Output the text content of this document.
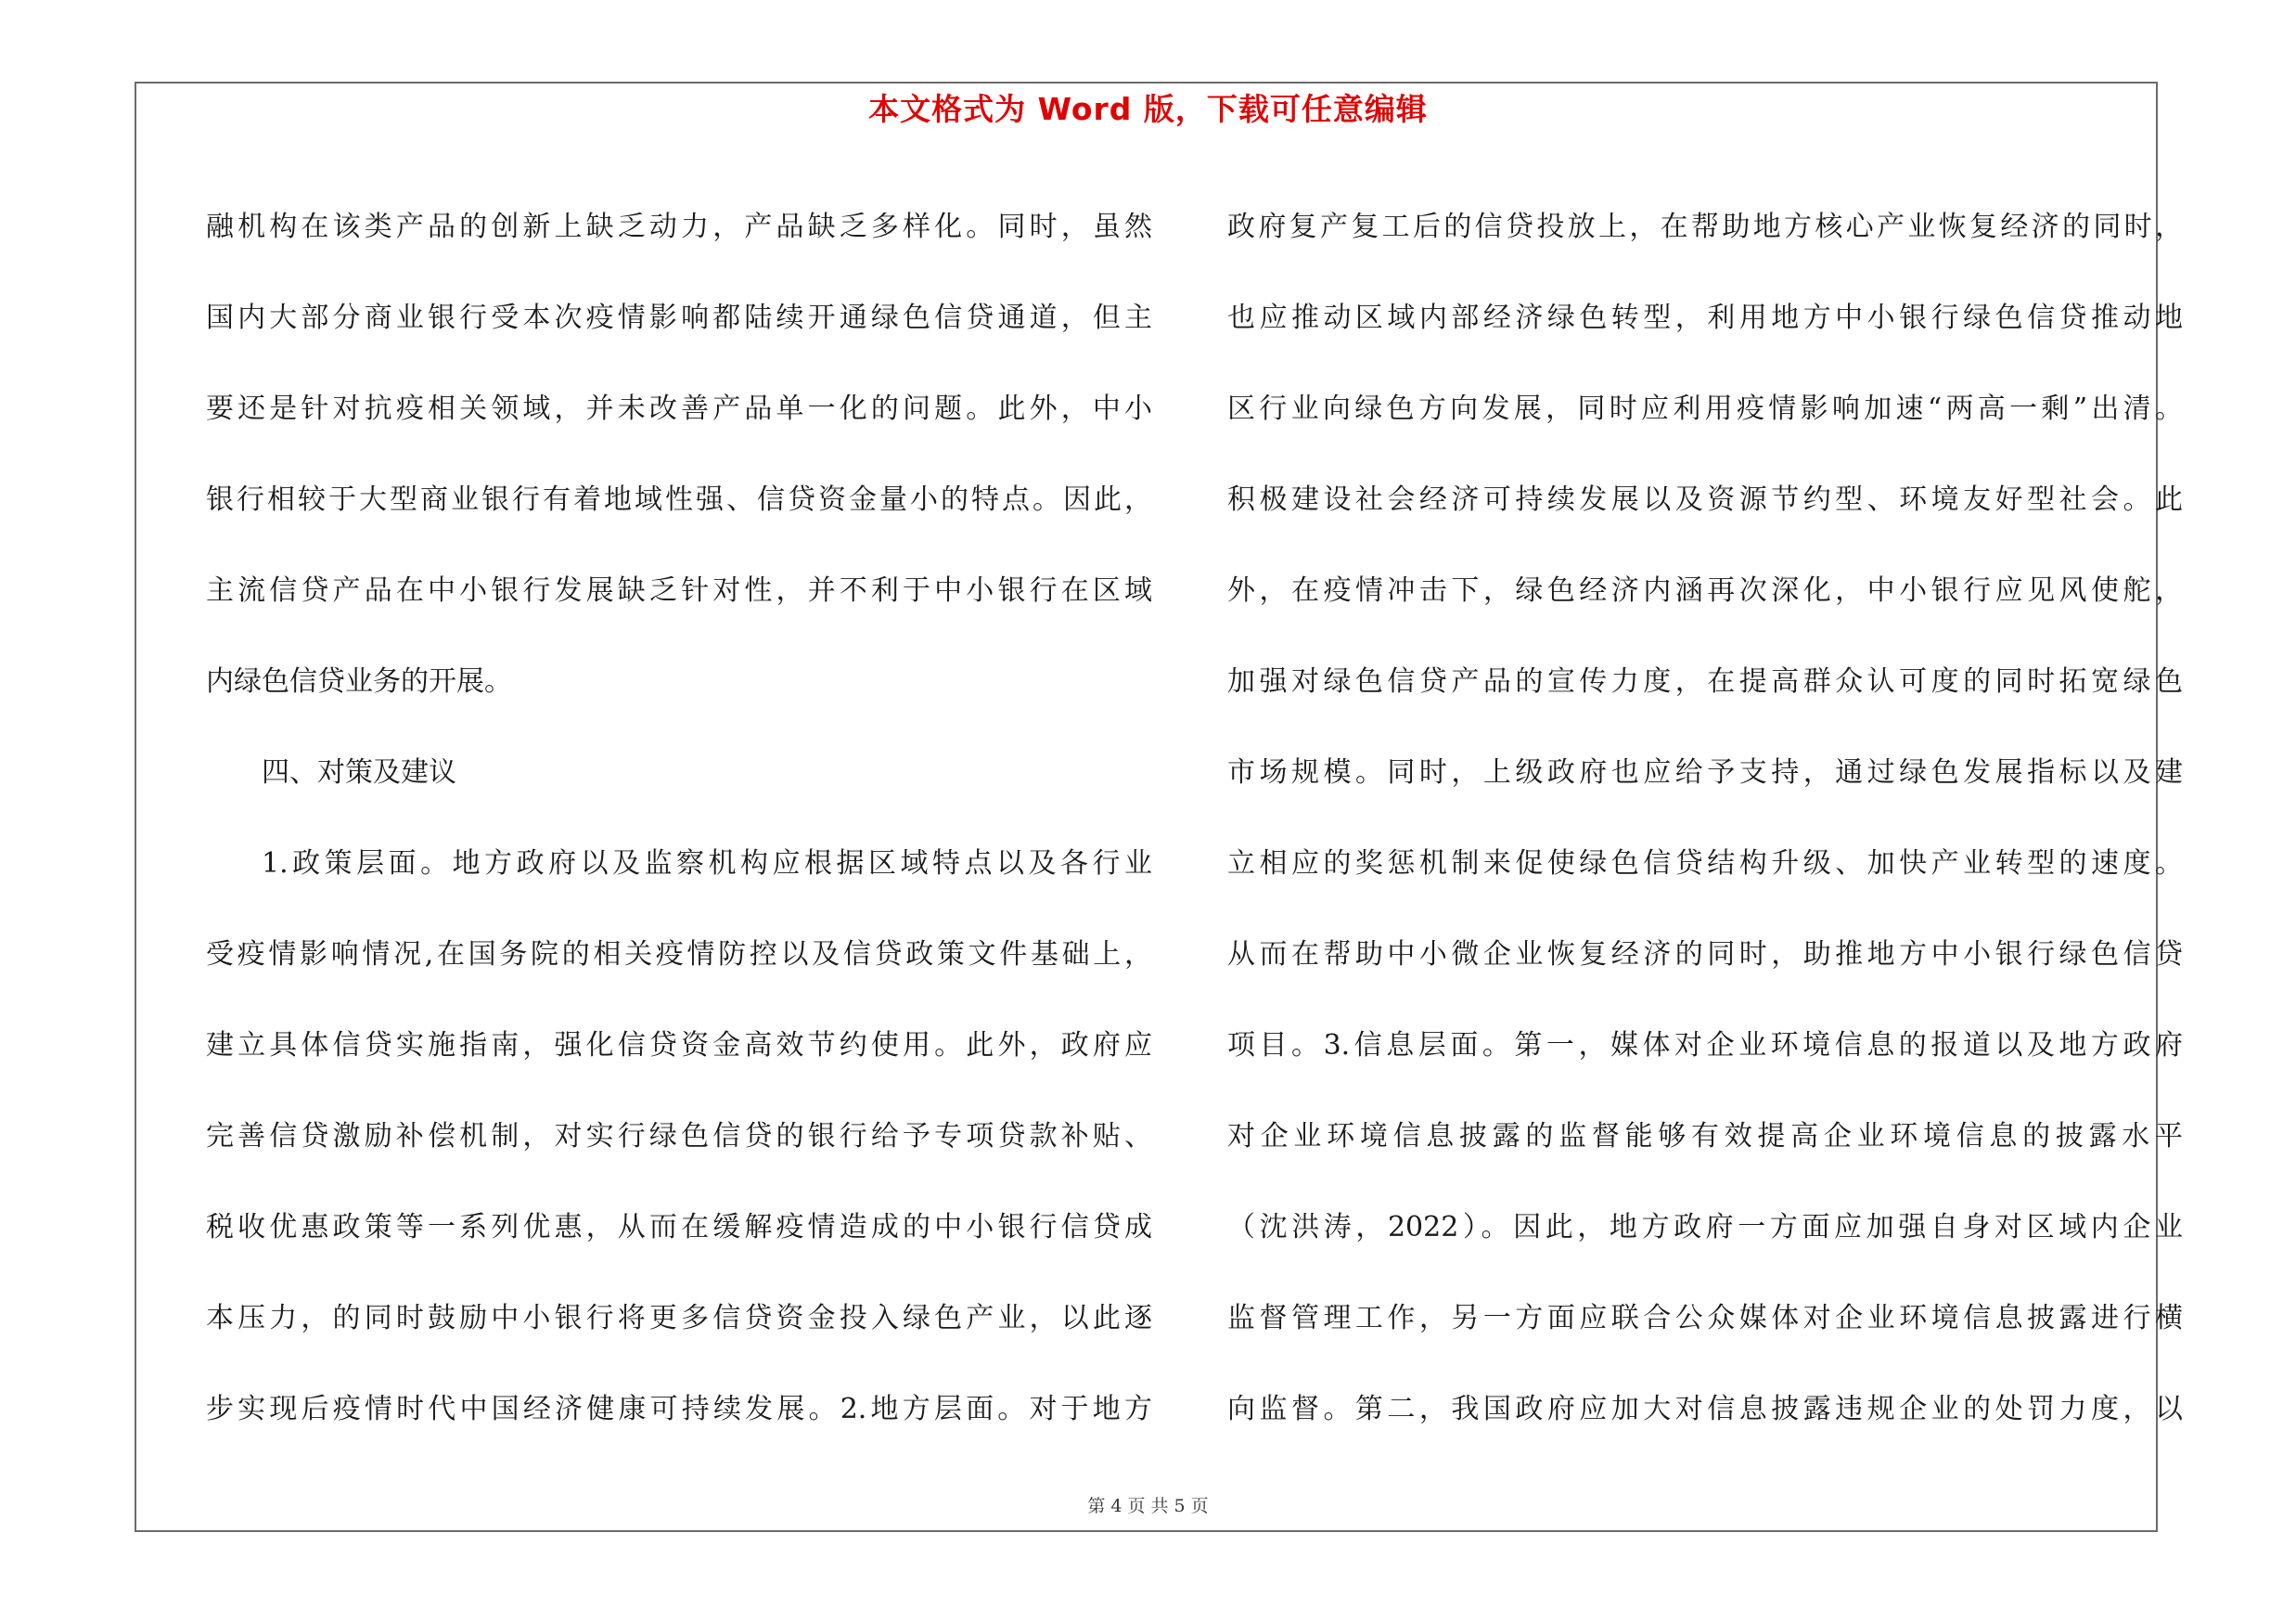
本文格式为 Word 版，下载可任意编辑
融机构在该类产品的创新上缺乏动力，产品缺乏多样化。同时，虽然
国内大部分商业银行受本次疫情影响都陆续开通绿色信贷通道，但主
要还是针对抗疫相关领域，并未改善产品单一化的问题。此外，中小
银行相较于大型商业银行有着地域性强、信贷资金量小的特点。因此，
主流信贷产品在中小银行发展缺乏针对性，并不利于中小银行在区域
内绿色信贷业务的开展。
四、对策及建议
1.政策层面。地方政府以及监察机构应根据区域特点以及各行业
受疫情影响情况,在国务院的相关疫情防控以及信贷政策文件基础上，
建立具体信贷实施指南，强化信贷资金高效节约使用。此外，政府应
完善信贷激励补偿机制，对实行绿色信贷的银行给予专项贷款补贴、
税收优惠政策等一系列优惠，从而在缓解疫情造成的中小银行信贷成
本压力，的同时鼓励中小银行将更多信贷资金投入绿色产业，以此逐
步实现后疫情时代中国经济健康可持续发展。2.地方层面。对于地方
政府复产复工后的信贷投放上，在帮助地方核心产业恢复经济的同时，
也应推动区域内部经济绿色转型，利用地方中小银行绿色信贷推动地
区行业向绿色方向发展，同时应利用疫情影响加速“两高一剩”出清。
积极建设社会经济可持续发展以及资源节约型、环境友好型社会。此
外，在疫情冲击下，绿色经济内涵再次深化，中小银行应见风使舵，
加强对绿色信贷产品的宣传力度，在提高群众认可度的同时拓宽绿色
市场规模。同时，上级政府也应给予支持，通过绿色发展指标以及建
立相应的奖惩机制来促使绿色信贷结构升级、加快产业转型的速度。
从而在帮助中小微企业恢复经济的同时，助推地方中小银行绿色信贷
项目。3.信息层面。第一，媒体对企业环境信息的报道以及地方政府
对企业环境信息披露的监督能够有效提高企业环境信息的披露水平
（沈洪涛，2022）。因此，地方政府一方面应加强自身对区域内企业
监督管理工作，另一方面应联合公众媒体对企业环境信息披露进行横
向监督。第二，我国政府应加大对信息披露违规企业的处罚力度，以
第 4 页 共 5 页
